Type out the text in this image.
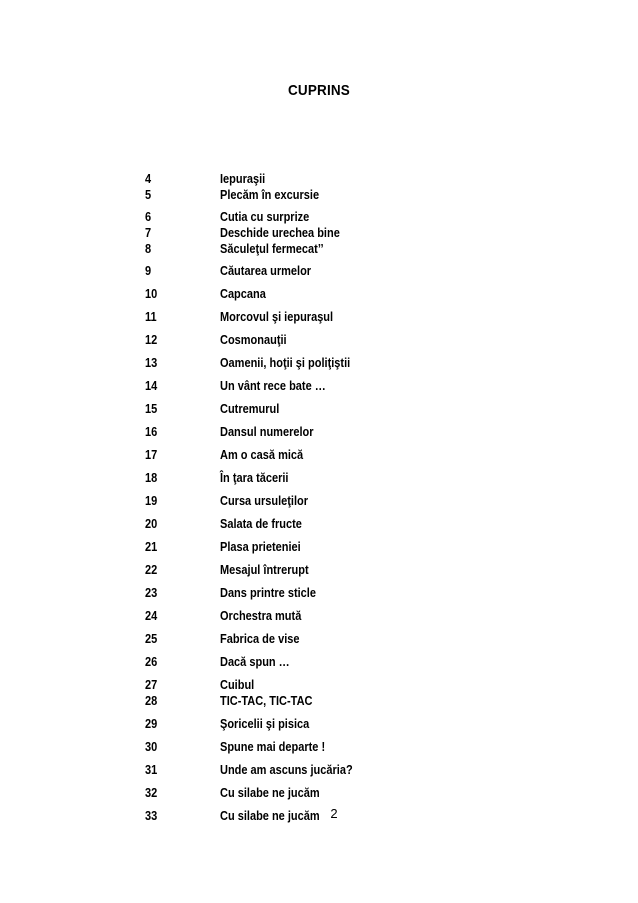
CUPRINS
4	Iepuraşii
5	Plecăm în excursie
6	Cutia cu surprize
7	Deschide urechea bine
8	Săculeţul fermecat’’
9	Căutarea urmelor
10	Capcana
11	Morcovul şi iepuraşul
12	Cosmonauţii
13	Oamenii, hoţii şi poliţiştii
14	Un vânt rece bate …
15	Cutremurul
16	Dansul numerelor
17	Am o casă mică
18	În ţara tăcerii
19	Cursa ursuleţilor
20	Salata de fructe
21	Plasa prieteniei
22	Mesajul întrerupt
23	Dans printre sticle
24	Orchestra mută
25	Fabrica de vise
26	Dacă spun …
27	Cuibul
28	TIC-TAC, TIC-TAC
29	Şoricelii şi pisica
30	Spune mai departe !
31	Unde am ascuns jucăria?
32	Cu silabe ne jucăm
33	Cu silabe ne jucăm 2
